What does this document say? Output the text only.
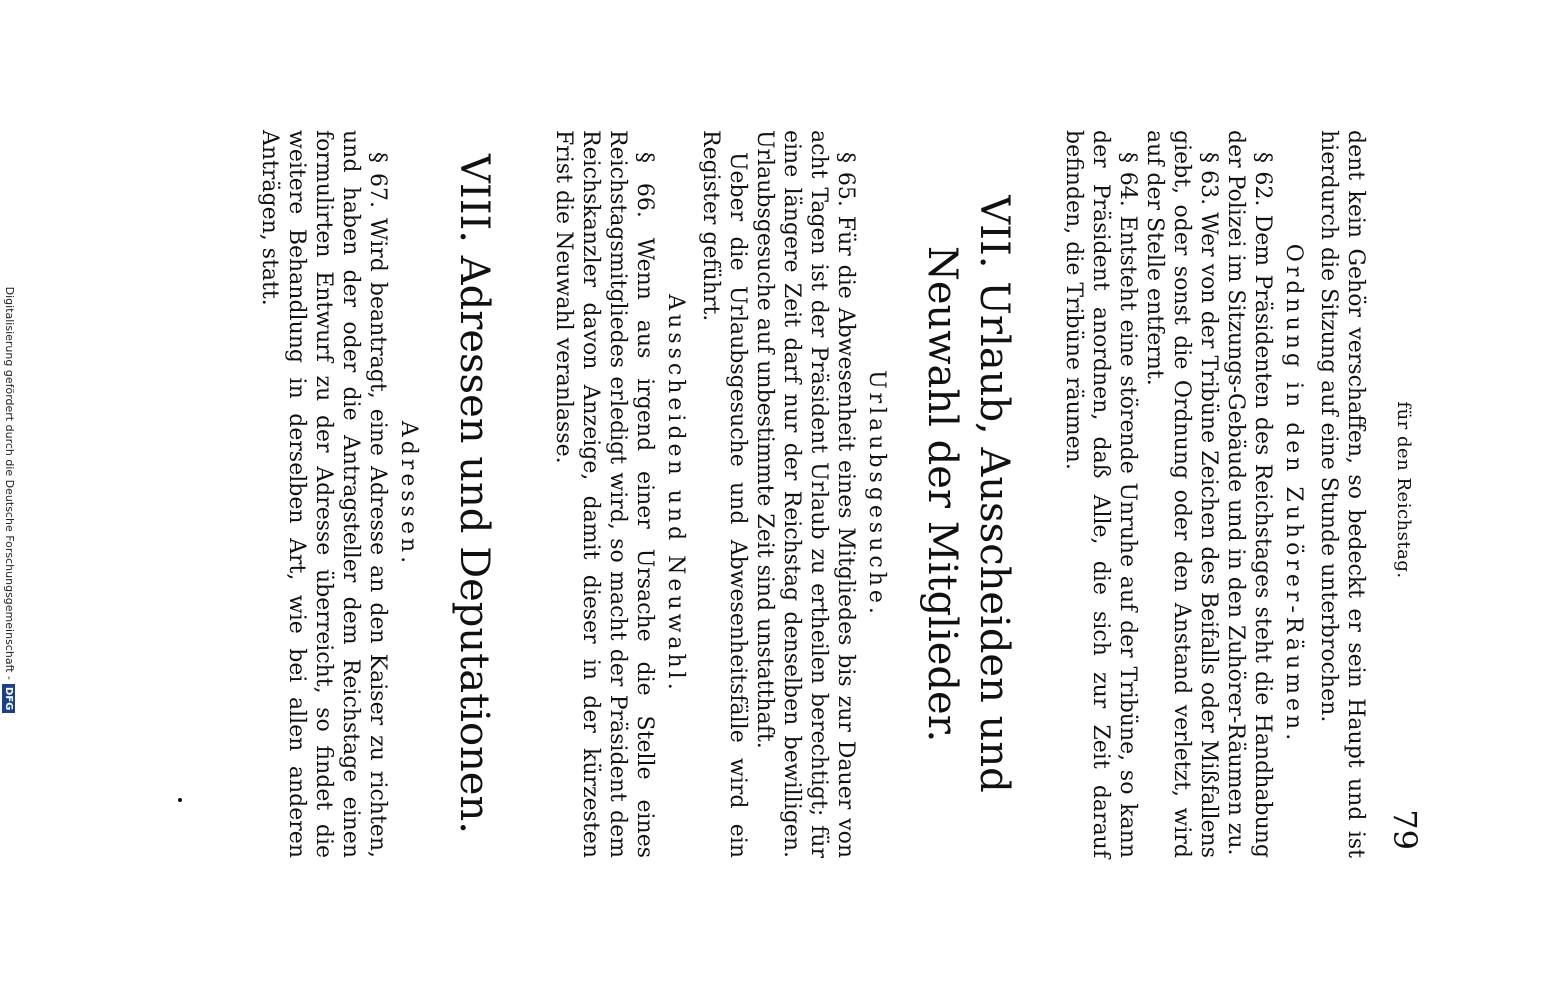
für den Reichstag.
79

dent kein Gehör verschaffen, so bedeckt er sein Haupt und ist hierdurch die Sitzung auf eine Stunde unterbrochen.

Ordnung in den Zuhörer-Räumen.

§ 62. Dem Präsidenten des Reichstages steht die Handhabung der Polizei im Sitzungs-Gebäude und in den Zuhörer-Räumen zu.

§ 63. Wer von der Tribüne Zeichen des Beifalls oder Mißfallens giebt, oder sonst die Ordnung oder den Anstand verletzt, wird auf der Stelle entfernt.

§ 64. Entsteht eine störende Unruhe auf der Tribüne, so kann der Präsident anordnen, daß Alle, die sich zur Zeit darauf befinden, die Tribüne räumen.

VII. Urlaub, Ausscheiden und Neuwahl der Mitglieder.
Urlaubsgesuche.

§ 65. Für die Abwesenheit eines Mitgliedes bis zur Dauer von acht Tagen ist der Präsident Urlaub zu ertheilen berechtigt; für eine längere Zeit darf nur der Reichstag denselben bewilligen. Urlaubsgesuche auf unbestimmte Zeit sind unstatthaft.

Ueber die Urlaubsgesuche und Abwesenheitsfälle wird ein Register geführt.

Ausscheiden und Neuwahl.

§ 66. Wenn aus irgend einer Ursache die Stelle eines Reichstagsmitgliedes erledigt wird, so macht der Präsident dem Reichskanzler davon Anzeige, damit dieser in der kürzesten Frist die Neuwahl veranlasse.

VIII. Adressen und Deputationen.
Adressen.

§ 67. Wird beantragt, eine Adresse an den Kaiser zu richten, und haben der oder die Antragsteller dem Reichstage einen formulirten Entwurf zu der Adresse überreicht, so findet die weitere Behandlung in derselben Art, wie bei allen anderen Anträgen, statt.

Digitalisierung gefördert durch die Deutsche Forschungsgemeinschaft -DFG
